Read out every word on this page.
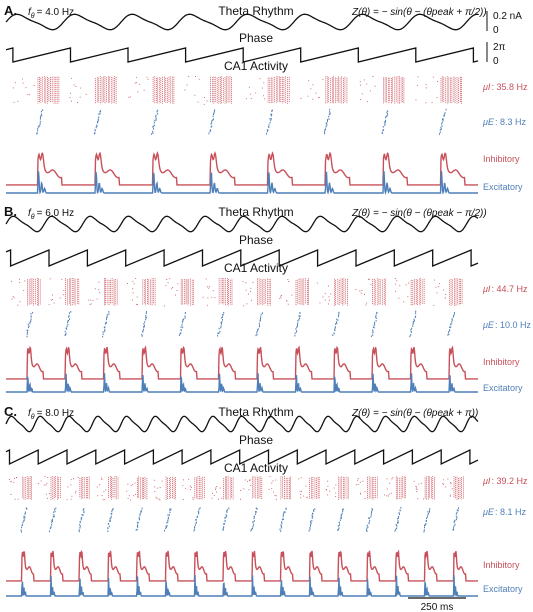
A. $f_\theta = 4.0$ Hz	Theta Rhythm	Z(θ) = − sin(θ − (θpeak + π/2))
Phase
CA1 Activity
μI: 35.8 Hz
μE: 8.3 Hz
Inhibitory
Excitatory
B. $f_\theta = 6.0$ Hz	Theta Rhythm	Z(θ) = − sin(θ − (θpeak − π/2))
Phase
CA1 Activity
μI: 44.7 Hz
μE: 10.0 Hz
Inhibitory
Excitatory
C. $f_\theta = 8.0$ Hz	Theta Rhythm	Z(θ) = − sin(θ − (θpeak + π))
Phase
CA1 Activity
μI: 39.2 Hz
μE: 8.1 Hz
Inhibitory
Excitatory
0.2 nA
0
2π
0
250 ms
